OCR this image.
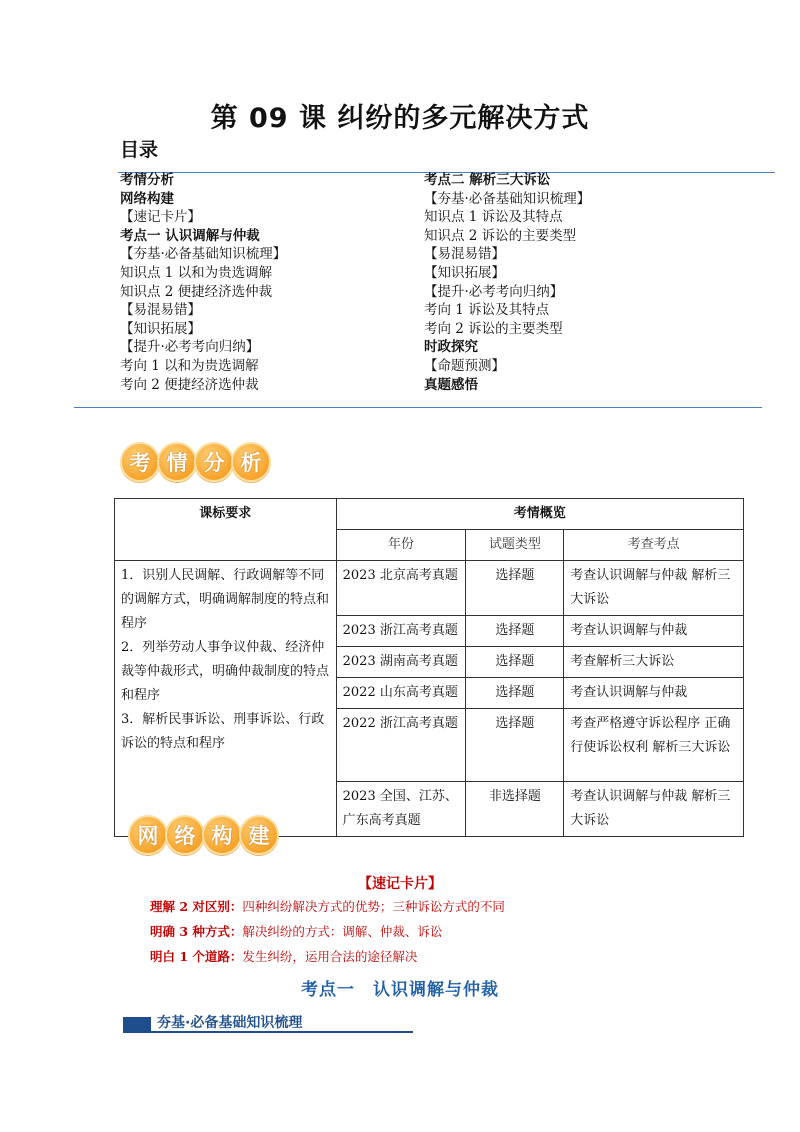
第 09 课 纠纷的多元解决方式
目录
考情分析
网络构建
【速记卡片】
考点一 认识调解与仲裁
【夯基·必备基础知识梳理】
知识点 1 以和为贵选调解
知识点 2 便捷经济选仲裁
【易混易错】
【知识拓展】
【提升·必考考向归纳】
考向 1 以和为贵选调解
考向 2 便捷经济选仲裁
考点二 解析三大诉讼
【夯基·必备基础知识梳理】
知识点 1 诉讼及其特点
知识点 2 诉讼的主要类型
【易混易错】
【知识拓展】
【提升·必考考向归纳】
考向 1 诉讼及其特点
考向 2 诉讼的主要类型
时政探究
【命题预测】
真题感悟
考 情 分 析
课标要求	考情概览		
	年份	试题类型	考查考点

1．识别人民调解、行政调解等不同的调解方式，明确调解制度的特点和程序
2．列举劳动人事争议仲裁、经济仲裁等仲裁形式，明确仲裁制度的特点和程序
3．解析民事诉讼、刑事诉讼、行政诉讼的特点和程序	2023 北京高考真题	选择题	考查认识调解与仲裁 解析三大诉讼
	2023 浙江高考真题	选择题	考查认识调解与仲裁
	2023 湖南高考真题	选择题	考查解析三大诉讼
	2022 山东高考真题	选择题	考查认识调解与仲裁
	2022 浙江高考真题	选择题	考查严格遵守诉讼程序 正确行使诉讼权利 解析三大诉讼
	2023 全国、江苏、广东高考真题	非选择题	考查认识调解与仲裁 解析三大诉讼
网 络 构 建
【速记卡片】
理解 2 对区别：四种纠纷解决方式的优势；三种诉讼方式的不同
明确 3 种方式：解决纠纷的方式：调解、仲裁、诉讼
明白 1 个道路：发生纠纷，运用合法的途径解决
考点一　认识调解与仲裁
夯基·必备基础知识梳理
